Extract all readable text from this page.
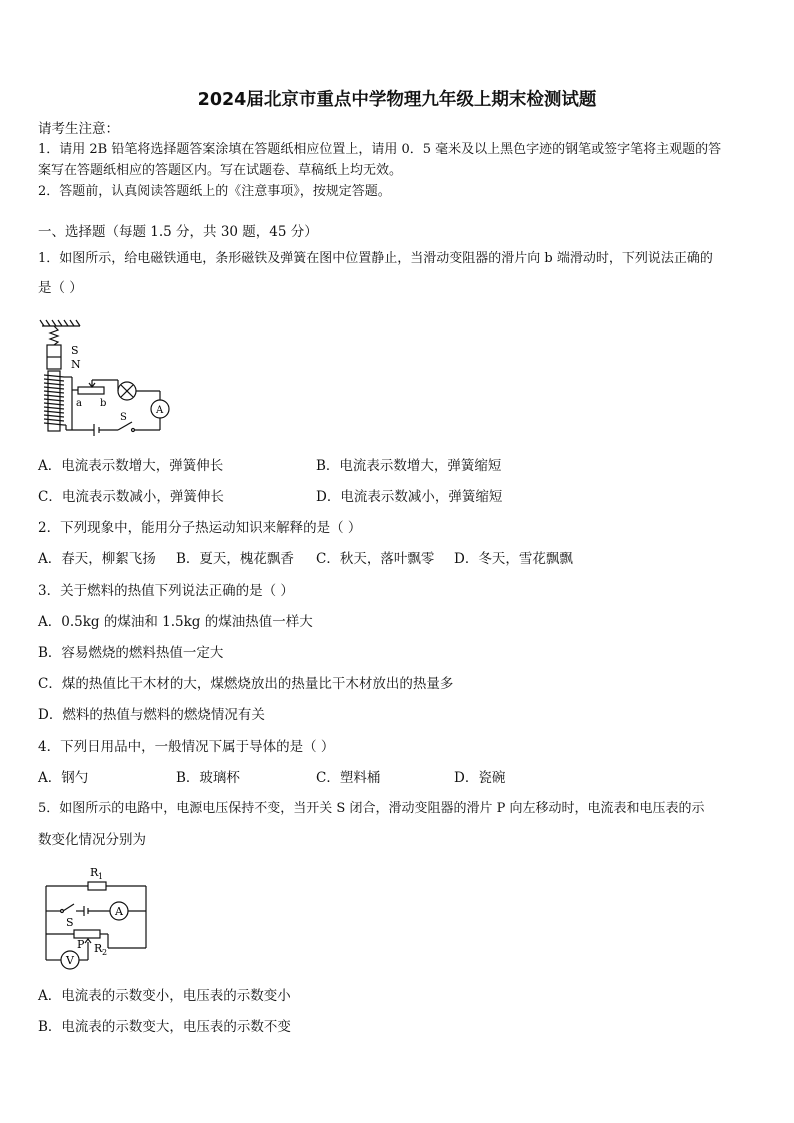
2024届北京市重点中学物理九年级上期末检测试题
请考生注意：
1．请用 2B 铅笔将选择题答案涂填在答题纸相应位置上，请用 0．5 毫米及以上黑色字迹的钢笔或签字笔将主观题的答
案写在答题纸相应的答题区内。写在试题卷、草稿纸上均无效。
2．答题前，认真阅读答题纸上的《注意事项》，按规定答题。
一、选择题（每题 1.5 分，共 30 题，45 分）
1．如图所示，给电磁铁通电，条形磁铁及弹簧在图中位置静止，当滑动变阻器的滑片向 b 端滑动时，下列说法正确的
是（ ）
S
N
a b
S
A
A．电流表示数增大，弹簧伸长	B．电流表示数增大，弹簧缩短
C．电流表示数减小，弹簧伸长	D．电流表示数减小，弹簧缩短
2．下列现象中，能用分子热运动知识来解释的是（ ）
A．春天，柳絮飞扬 B．夏天，槐花飘香 C．秋天，落叶飘零 D．冬天，雪花飘飘
3．关于燃料的热值下列说法正确的是（ ）
A．0.5kg 的煤油和 1.5kg 的煤油热值一样大
B．容易燃烧的燃料热值一定大
C．煤的热值比干木材的大，煤燃烧放出的热量比干木材放出的热量多
D．燃料的热值与燃料的燃烧情况有关
4．下列日用品中，一般情况下属于导体的是（ ）
A．钢勺	B．玻璃杯	C．塑料桶	D．瓷碗
5．如图所示的电路中，电源电压保持不变，当开关 S 闭合，滑动变阻器的滑片 P 向左移动时，电流表和电压表的示
数变化情况分别为
R 1
S
A
P R 2
V
A．电流表的示数变小，电压表的示数变小
B．电流表的示数变大，电压表的示数不变
